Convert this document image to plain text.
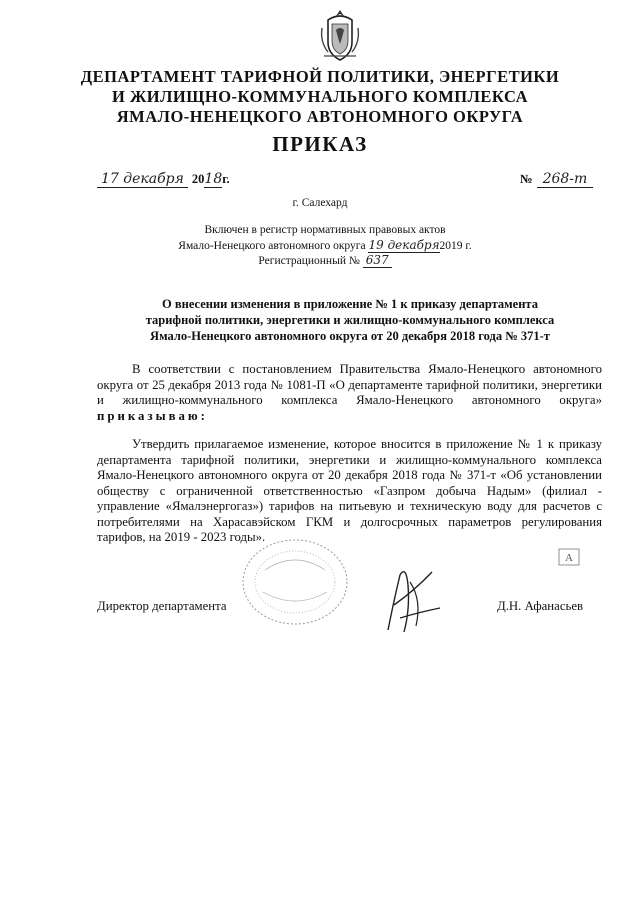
ДЕПАРТАМЕНТ ТАРИФНОЙ ПОЛИТИКИ, ЭНЕРГЕТИКИ
И ЖИЛИЩНО-КОММУНАЛЬНОГО КОМПЛЕКСА
ЯМАЛО-НЕНЕЦКОГО АВТОНОМНОГО ОКРУГА
ПРИКАЗ
17 декабря 2018г.	№ 268-т
г. Салехард
Включен в регистр нормативных правовых актов
Ямало-Ненецкого автономного округа 19 декабря2019 г.
Регистрационный № 637
О внесении изменения в приложение № 1 к приказу департамента
тарифной политики, энергетики и жилищно-коммунального комплекса
Ямало-Ненецкого автономного округа от 20 декабря 2018 года № 371-т
В соответствии с постановлением Правительства Ямало-Ненецкого автономного округа от 25 декабря 2013 года № 1081-П «О департаменте тарифной политики, энергетики и жилищно-коммунального комплекса Ямало-Ненецкого автономного округа» приказываю:
Утвердить прилагаемое изменение, которое вносится в приложение № 1 к приказу департамента тарифной политики, энергетики и жилищно-коммунального комплекса Ямало-Ненецкого автономного округа от 20 декабря 2018 года № 371-т «Об установлении обществу с ограниченной ответственностью «Газпром добыча Надым» (филиал - управление «Ямалэнергогаз») тарифов на питьевую и техническую воду для расчетов с потребителями на Харасавэйском ГКМ и долгосрочных параметров регулирования тарифов, на 2019 - 2023 годы».
Директор департамента	Д.Н. Афанасьев
А
